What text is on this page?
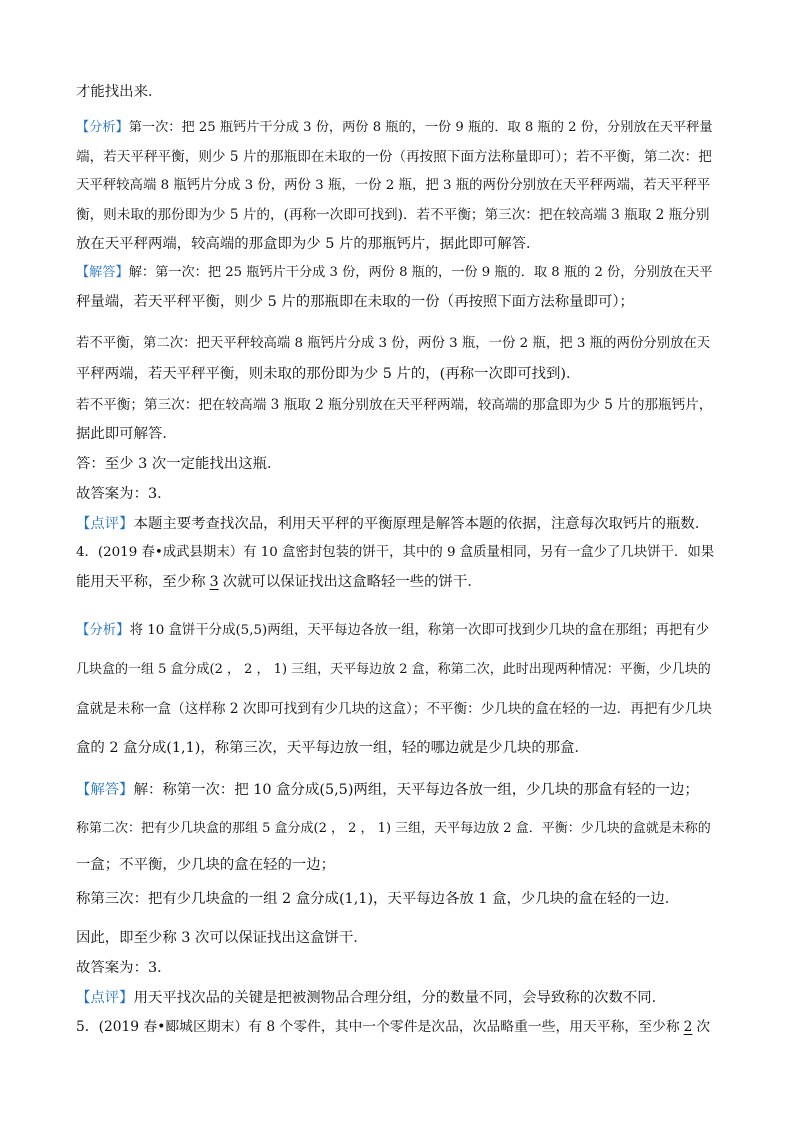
才能找出来．
【分析】第一次：把 25 瓶钙片干分成 3 份，两份 8 瓶的，一份 9 瓶的．取 8 瓶的 2 份，分别放在天平秤量
端，若天平秤平衡，则少 5 片的那瓶即在未取的一份（再按照下面方法称量即可）；若不平衡，第二次：把
天平秤较高端 8 瓶钙片分成 3 份，两份 3 瓶，一份 2 瓶，把 3 瓶的两份分别放在天平秤两端，若天平秤平
衡，则未取的那份即为少 5 片的，(再称一次即可找到)．若不平衡；第三次：把在较高端 3 瓶取 2 瓶分别
放在天平秤两端，较高端的那盒即为少 5 片的那瓶钙片，据此即可解答．
【解答】解：第一次：把 25 瓶钙片干分成 3 份，两份 8 瓶的，一份 9 瓶的．取 8 瓶的 2 份，分别放在天平
秤量端，若天平秤平衡，则少 5 片的那瓶即在未取的一份（再按照下面方法称量即可）；
若不平衡，第二次：把天平秤较高端 8 瓶钙片分成 3 份，两份 3 瓶，一份 2 瓶，把 3 瓶的两份分别放在天
平秤两端，若天平秤平衡，则未取的那份即为少 5 片的，(再称一次即可找到)．
若不平衡；第三次：把在较高端 3 瓶取 2 瓶分别放在天平秤两端，较高端的那盒即为少 5 片的那瓶钙片，
据此即可解答．
答：至少 3 次一定能找出这瓶．
故答案为：3．
【点评】本题主要考查找次品，利用天平秤的平衡原理是解答本题的依据，注意每次取钙片的瓶数．
4．(2019 春•成武县期末）有 10 盒密封包装的饼干，其中的 9 盒质量相同，另有一盒少了几块饼干．如果
能用天平称，至少称 3 次就可以保证找出这盒略轻一些的饼干．
【分析】将 10 盒饼干分成(5,5)两组，天平每边各放一组，称第一次即可找到少几块的盒在那组；再把有少
几块盒的一组 5 盒分成(2 ， 2 ， 1) 三组，天平每边放 2 盒，称第二次，此时出现两种情况：平衡，少几块的
盒就是未称一盒（这样称 2 次即可找到有少几块的这盒）；不平衡：少几块的盒在轻的一边．再把有少几块
盒的 2 盒分成(1,1)，称第三次，天平每边放一组，轻的哪边就是少几块的那盒．
【解答】解：称第一次：把 10 盒分成(5,5)两组，天平每边各放一组，少几块的那盒有轻的一边；
称第二次：把有少几块盒的那组 5 盒分成(2 ， 2 ， 1) 三组，天平每边放 2 盒．平衡：少几块的盒就是未称的
一盒；不平衡，少几块的盒在轻的一边；
称第三次：把有少几块盒的一组 2 盒分成(1,1)，天平每边各放 1 盒，少几块的盒在轻的一边．
因此，即至少称 3 次可以保证找出这盒饼干．
故答案为：3．
【点评】用天平找次品的关键是把被测物品合理分组，分的数量不同，会导致称的次数不同．
5．(2019 春•郾城区期末）有 8 个零件，其中一个零件是次品，次品略重一些，用天平称，至少称 2 次
